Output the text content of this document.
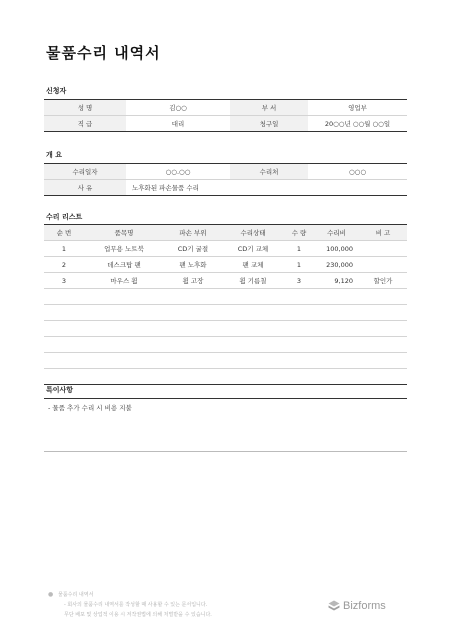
물품수리 내역서
신청자
성 명	김○○	부 서	영업부
직 급	대리	청구일	20○○년 ○○월 ○○일
개 요
수리일자	○○.○○	수리처	○○○
사 유	노후화된 파손물품 수리		
수리 리스트
순 번	품목명	파손 부위	수리상태	수 량	수리비	비 고
1	업무용 노트북	CD기 굴절	CD기 교체	1	100,000	
2	데스크탑 팬	팬 노후화	팬 교체	1	230,000	
3	마우스 휠	휠 고장	휠 기름칠	3	9,120	할인가

특이사항
- 물품 추가 수리 시 비용 지불
● 물품수리 내역서
- 회사의 물품수리 내역서를 작성할 때 사용할 수 있는 문서입니다.
무단 배포 및 상업적 이용 시 저작권법에 의해 처벌받을 수 있습니다.
Bizforms
